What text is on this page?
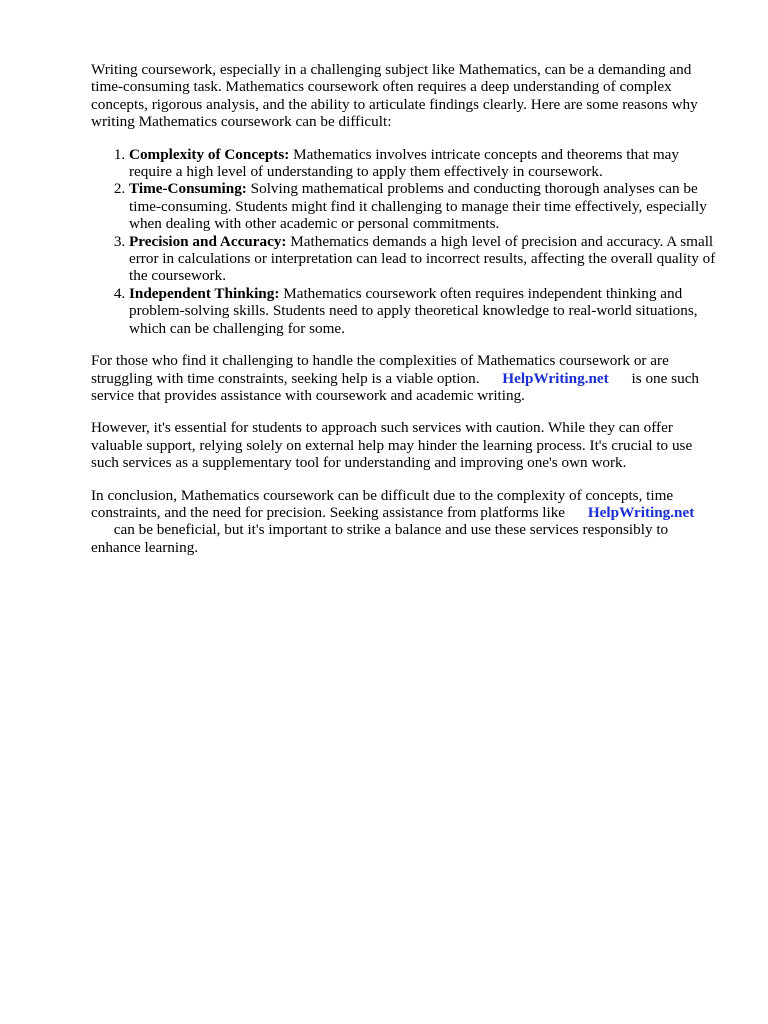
Writing coursework, especially in a challenging subject like Mathematics, can be a demanding and time-consuming task. Mathematics coursework often requires a deep understanding of complex concepts, rigorous analysis, and the ability to articulate findings clearly. Here are some reasons why writing Mathematics coursework can be difficult:

1. Complexity of Concepts: Mathematics involves intricate concepts and theorems that may require a high level of understanding to apply them effectively in coursework.
2. Time-Consuming: Solving mathematical problems and conducting thorough analyses can be time-consuming. Students might find it challenging to manage their time effectively, especially when dealing with other academic or personal commitments.
3. Precision and Accuracy: Mathematics demands a high level of precision and accuracy. A small error in calculations or interpretation can lead to incorrect results, affecting the overall quality of the coursework.
4. Independent Thinking: Mathematics coursework often requires independent thinking and problem-solving skills. Students need to apply theoretical knowledge to real-world situations, which can be challenging for some.

For those who find it challenging to handle the complexities of Mathematics coursework or are struggling with time constraints, seeking help is a viable option. HelpWriting.net is one such service that provides assistance with coursework and academic writing.

However, it's essential for students to approach such services with caution. While they can offer valuable support, relying solely on external help may hinder the learning process. It's crucial to use such services as a supplementary tool for understanding and improving one's own work.

In conclusion, Mathematics coursework can be difficult due to the complexity of concepts, time constraints, and the need for precision. Seeking assistance from platforms like HelpWriting.net
can be beneficial, but it's important to strike a balance and use these services responsibly to enhance learning.
